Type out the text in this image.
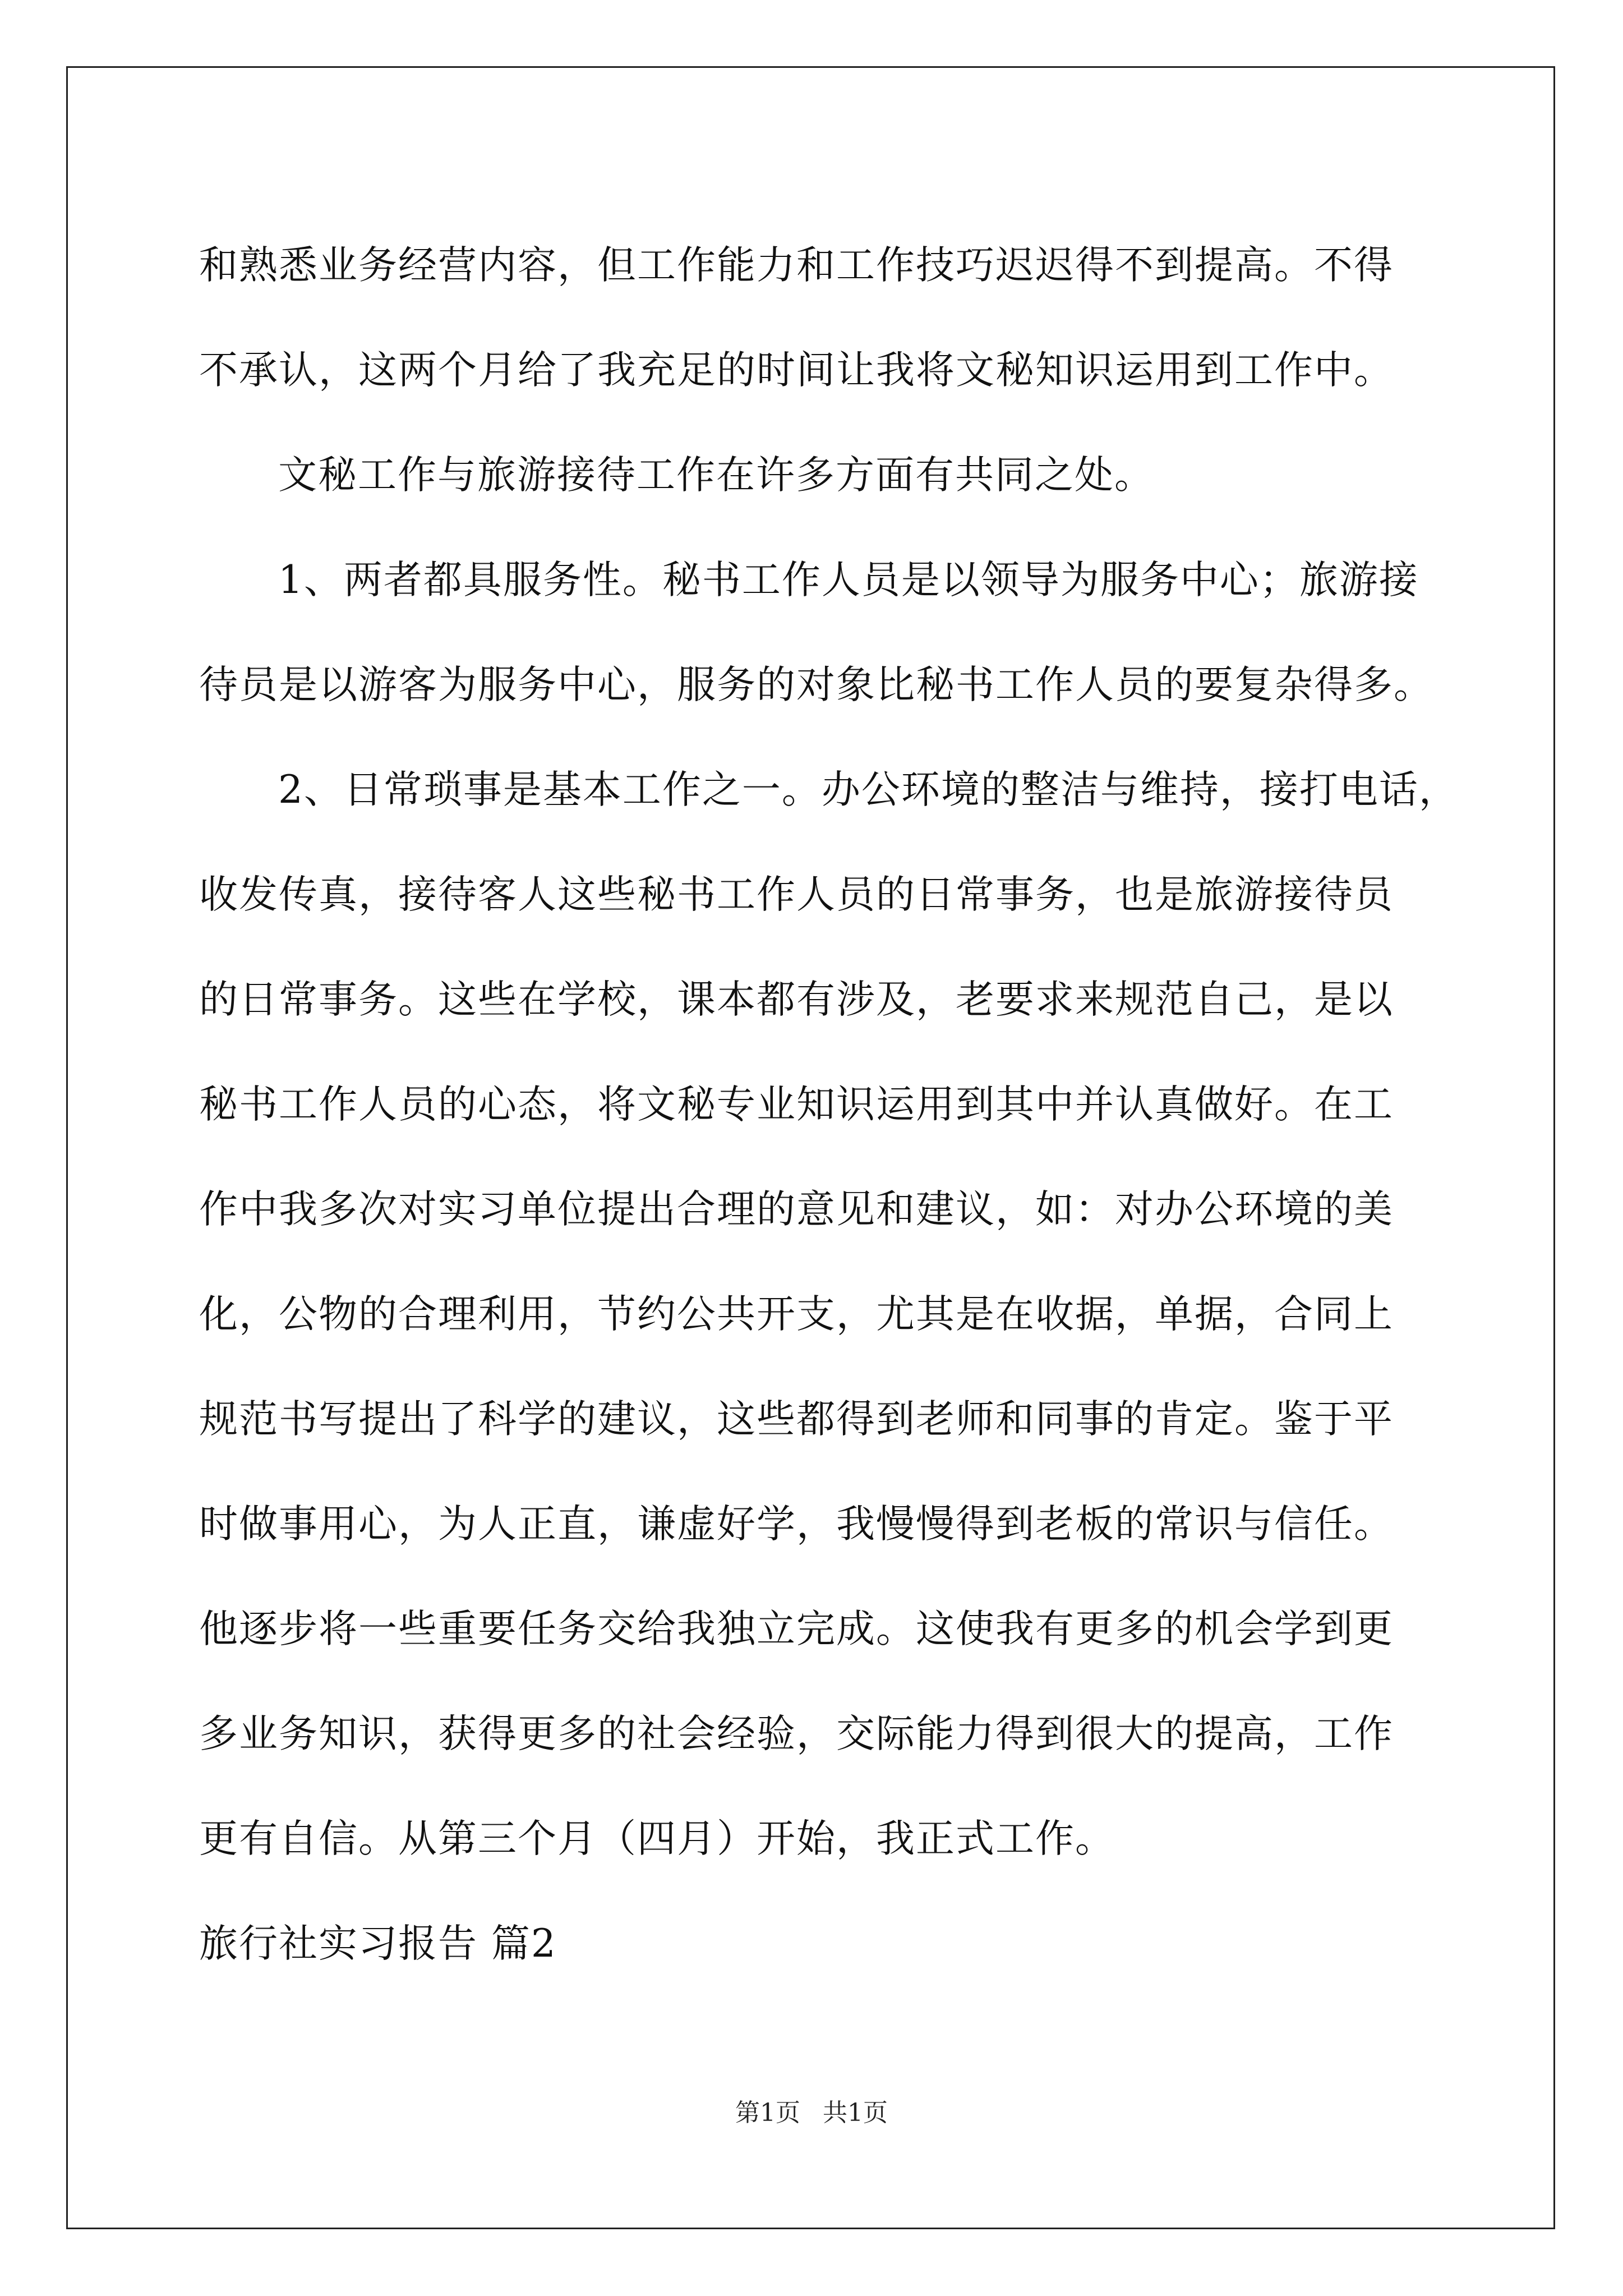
和熟悉业务经营内容，但工作能力和工作技巧迟迟得不到提高。不得
不承认，这两个月给了我充足的时间让我将文秘知识运用到工作中。
文秘工作与旅游接待工作在许多方面有共同之处。
1、两者都具服务性。秘书工作人员是以领导为服务中心；旅游接
待员是以游客为服务中心，服务的对象比秘书工作人员的要复杂得多。
2、日常琐事是基本工作之一。办公环境的整洁与维持，接打电话，
收发传真，接待客人这些秘书工作人员的日常事务，也是旅游接待员
的日常事务。这些在学校，课本都有涉及，老要求来规范自己，是以
秘书工作人员的心态，将文秘专业知识运用到其中并认真做好。在工
作中我多次对实习单位提出合理的意见和建议，如：对办公环境的美
化，公物的合理利用，节约公共开支，尤其是在收据，单据，合同上
规范书写提出了科学的建议，这些都得到老师和同事的肯定。鉴于平
时做事用心，为人正直，谦虚好学，我慢慢得到老板的常识与信任。
他逐步将一些重要任务交给我独立完成。这使我有更多的机会学到更
多业务知识，获得更多的社会经验，交际能力得到很大的提高，工作
更有自信。从第三个月（四月）开始，我正式工作。
旅行社实习报告 篇2
第1页 共1页
